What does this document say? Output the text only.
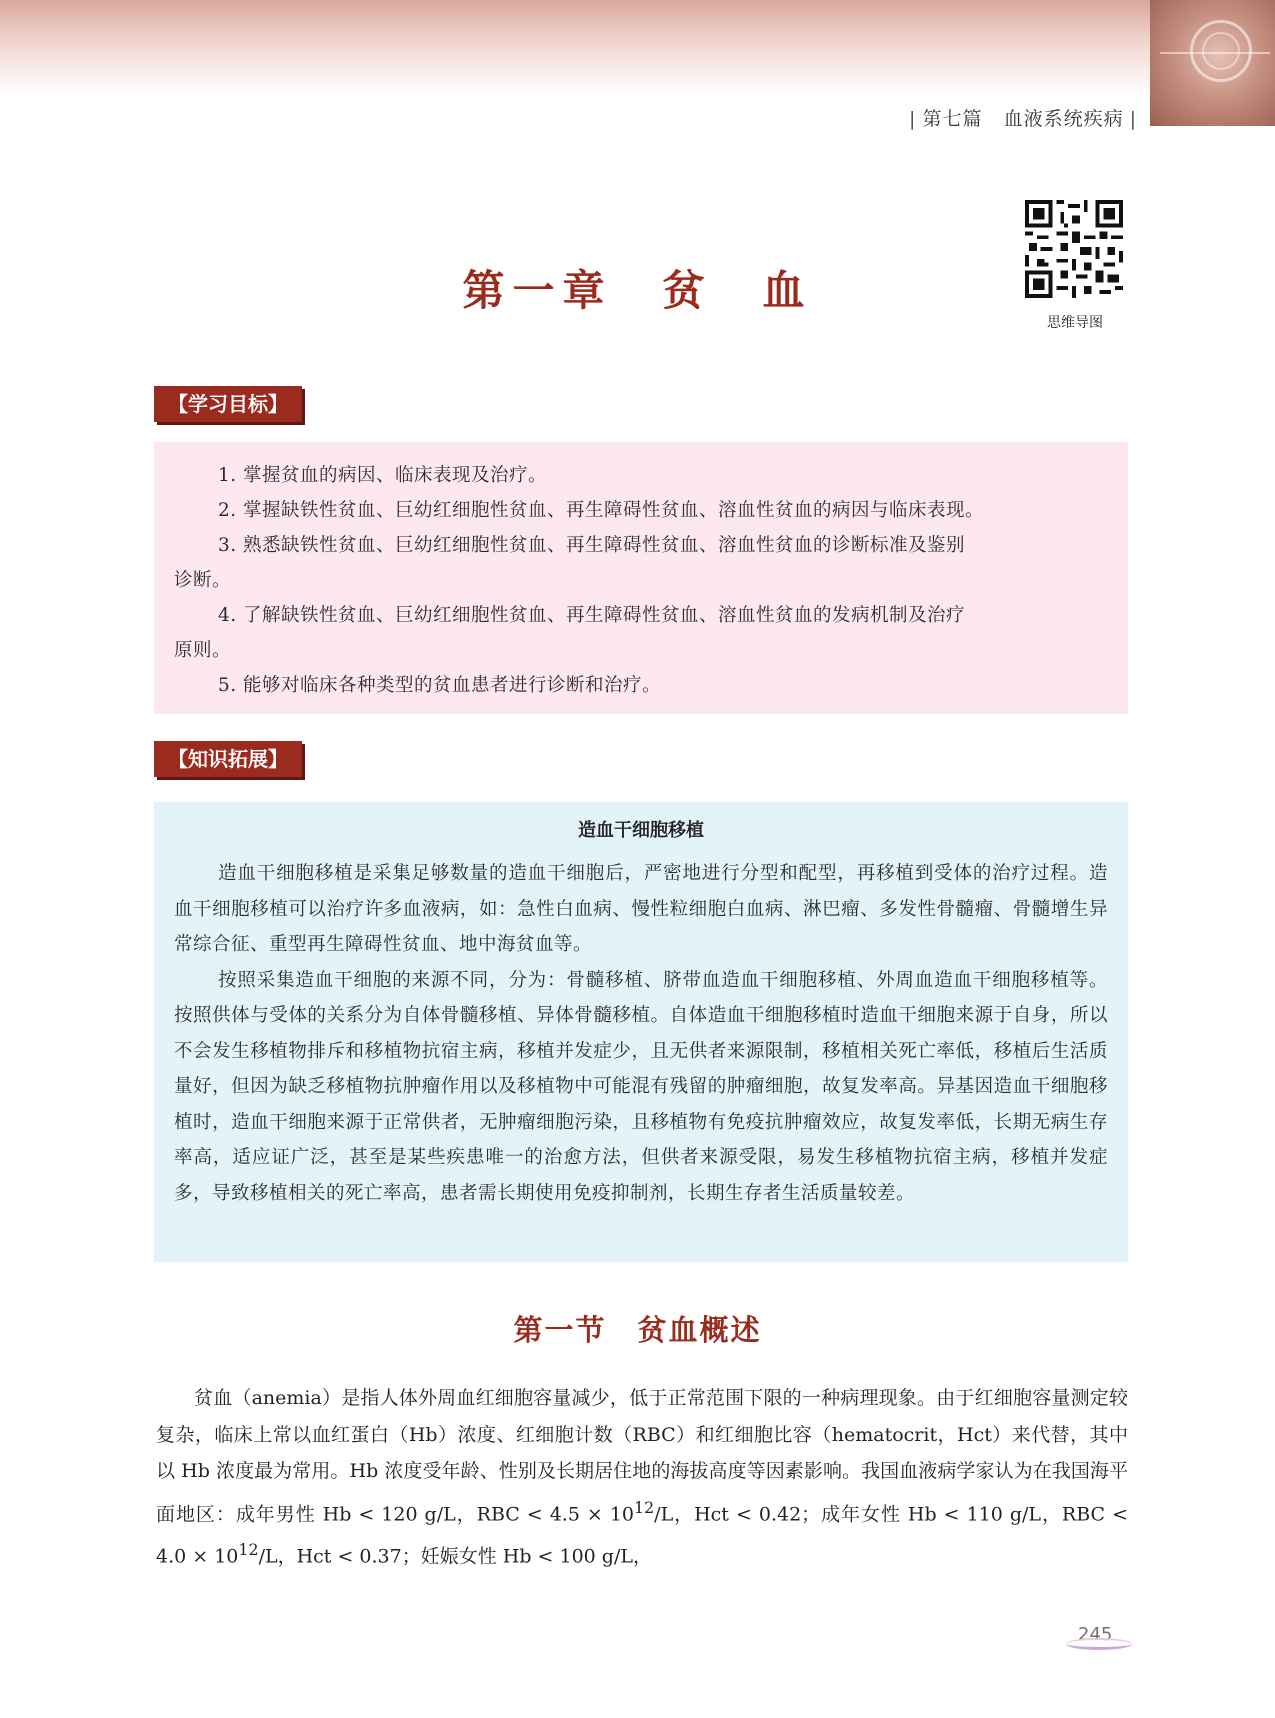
| 第七篇 血液系统疾病 |
思维导图
第一章　贫　血
【学习目标】
1. 掌握贫血的病因、临床表现及治疗。
2. 掌握缺铁性贫血、巨幼红细胞性贫血、再生障碍性贫血、溶血性贫血的病因与临床表现。
3. 熟悉缺铁性贫血、巨幼红细胞性贫血、再生障碍性贫血、溶血性贫血的诊断标准及鉴别
诊断。
4. 了解缺铁性贫血、巨幼红细胞性贫血、再生障碍性贫血、溶血性贫血的发病机制及治疗
原则。
5. 能够对临床各种类型的贫血患者进行诊断和治疗。
【知识拓展】
造血干细胞移植

造血干细胞移植是采集足够数量的造血干细胞后，严密地进行分型和配型，再移植到受体的治疗过程。造血干细胞移植可以治疗许多血液病，如：急性白血病、慢性粒细胞白血病、淋巴瘤、多发性骨髓瘤、骨髓增生异常综合征、重型再生障碍性贫血、地中海贫血等。

按照采集造血干细胞的来源不同，分为：骨髓移植、脐带血造血干细胞移植、外周血造血干细胞移植等。按照供体与受体的关系分为自体骨髓移植、异体骨髓移植。自体造血干细胞移植时造血干细胞来源于自身，所以不会发生移植物排斥和移植物抗宿主病，移植并发症少，且无供者来源限制，移植相关死亡率低，移植后生活质量好，但因为缺乏移植物抗肿瘤作用以及移植物中可能混有残留的肿瘤细胞，故复发率高。异基因造血干细胞移植时，造血干细胞来源于正常供者，无肿瘤细胞污染，且移植物有免疫抗肿瘤效应，故复发率低，长期无病生存率高，适应证广泛，甚至是某些疾患唯一的治愈方法，但供者来源受限，易发生移植物抗宿主病，移植并发症多，导致移植相关的死亡率高，患者需长期使用免疫抑制剂，长期生存者生活质量较差。

第一节　贫血概述

贫血（anemia）是指人体外周血红细胞容量减少，低于正常范围下限的一种病理现象。由于红细胞容量测定较复杂，临床上常以血红蛋白（Hb）浓度、红细胞计数（RBC）和红细胞比容（hematocrit，Hct）来代替，其中以 Hb 浓度最为常用。Hb 浓度受年龄、性别及长期居住地的海拔高度等因素影响。我国血液病学家认为在我国海平面地区：成年男性 Hb < 120 g/L，RBC < $4.5 \times 10^{12}/L$，Hct < 0.42；成年女性 Hb < 110 g/L，RBC < $4.0 \times 10^{12}/L$，Hct < 0.37；妊娠女性 Hb < 100 g/L，

245
